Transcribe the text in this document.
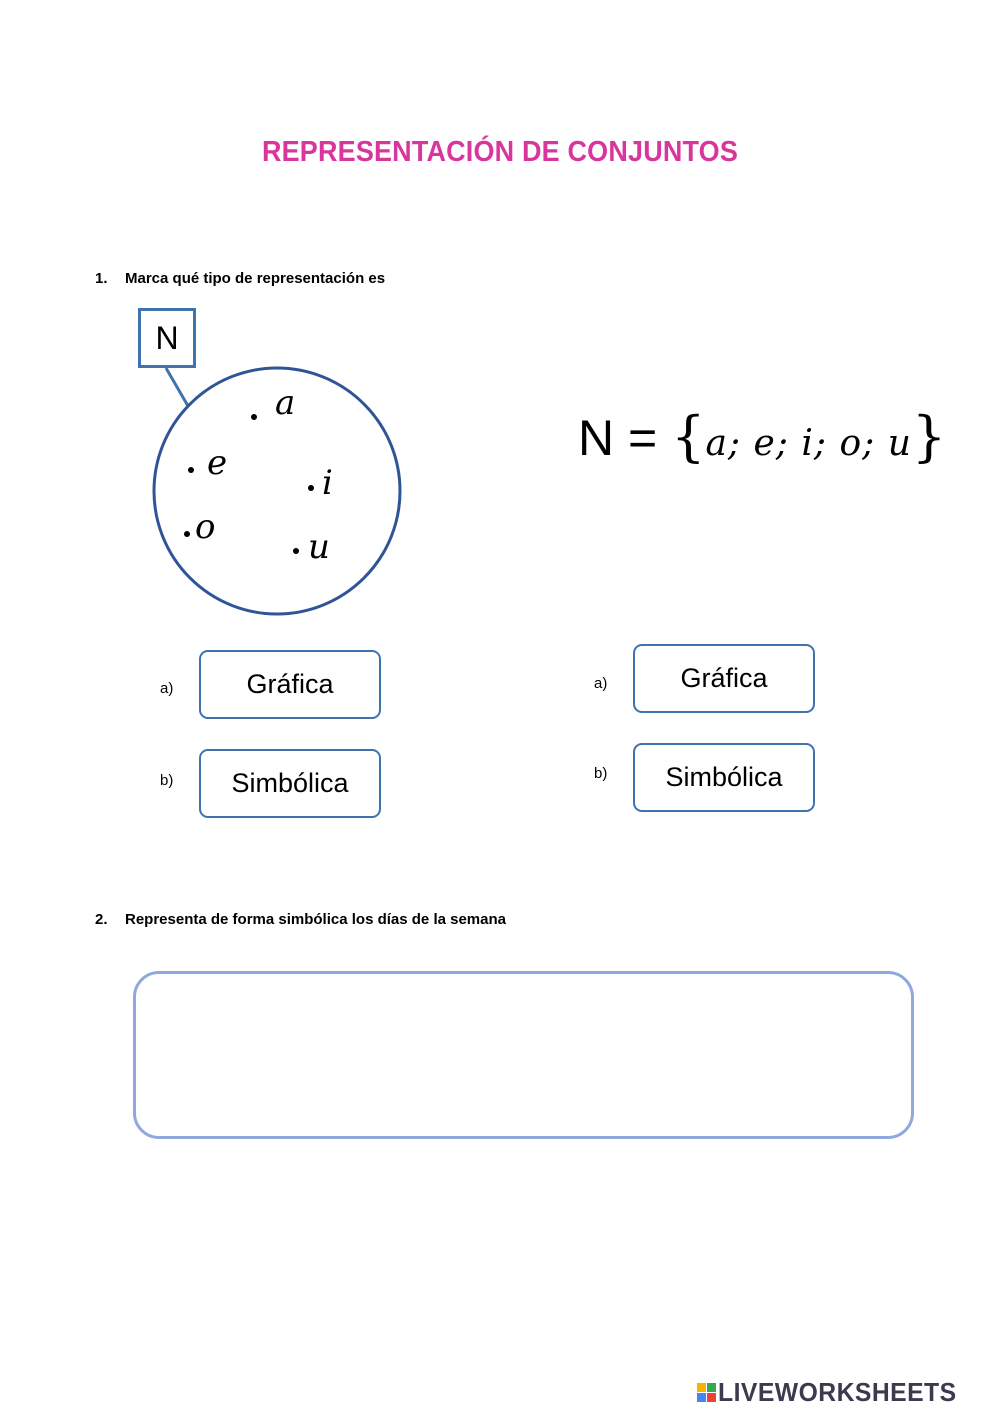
REPRESENTACIÓN DE CONJUNTOS
1. Marca qué tipo de representación es
N
a
e	i
o	u
N = {a; e; i; o; u}
a)	Gráfica
b) Simbólica
a)	Gráfica
b) Simbólica
2. Representa de forma simbólica los días de la semana
LIVEWORKSHEETS
